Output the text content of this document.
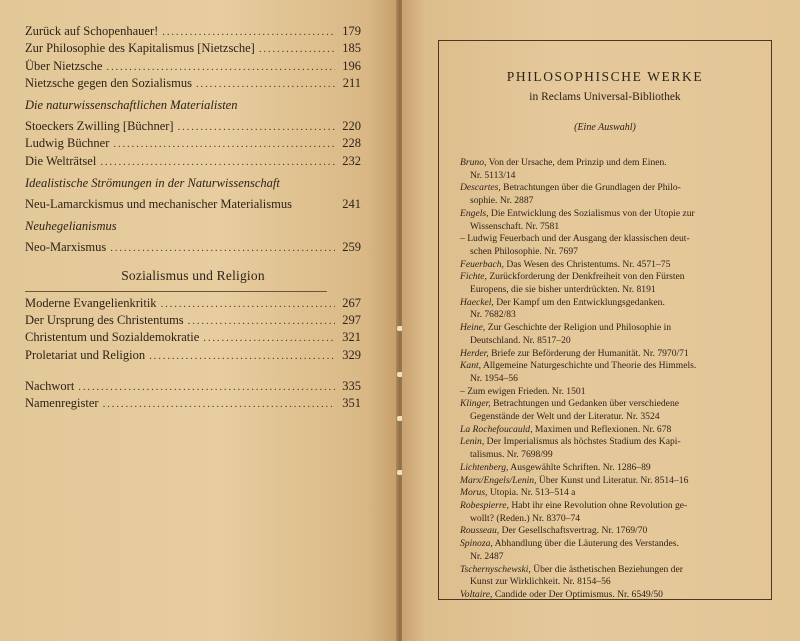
Zurück auf Schopenhauer! .....	179
Zur Philosophie des Kapitalismus [Nietzsche] .....	185
Über Nietzsche .....	196
Nietzsche gegen den Sozialismus .....	211
Die naturwissenschaftlichen Materialisten
Stoeckers Zwilling [Büchner] .....	220
Ludwig Büchner .....	228
Die Welträtsel .....	232
Idealistische Strömungen in der Naturwissenschaft
Neu-Lamarckismus und mechanischer Materialismus	241
Neuhegelianismus
Neo-Marxismus .....	259
Sozialismus und Religion
Moderne Evangelienkritik .....	267
Der Ursprung des Christentums .....	297
Christentum und Sozialdemokratie .....	321
Proletariat und Religion .....	329
Nachwort .....	335
Namenregister .....	351
PHILOSOPHISCHE WERKE
in Reclams Universal-Bibliothek
(Eine Auswahl)
Bruno, Von der Ursache, dem Prinzip und dem Einen.
Nr. 5113/14
Descartes, Betrachtungen über die Grundlagen der Philo-
sophie. Nr. 2887
Engels, Die Entwicklung des Sozialismus von der Utopie zur
Wissenschaft. Nr. 7581
– Ludwig Feuerbach und der Ausgang der klassischen deut-
schen Philosophie. Nr. 7697
Feuerbach, Das Wesen des Christentums. Nr. 4571–75
Fichte, Zurückforderung der Denkfreiheit von den Fürsten
Europens, die sie bisher unterdrückten. Nr. 8191
Haeckel, Der Kampf um den Entwicklungsgedanken.
Nr. 7682/83
Heine, Zur Geschichte der Religion und Philosophie in
Deutschland. Nr. 8517–20
Herder, Briefe zur Beförderung der Humanität. Nr. 7970/71
Kant, Allgemeine Naturgeschichte und Theorie des Himmels.
Nr. 1954–56
– Zum ewigen Frieden. Nr. 1501
Klinger, Betrachtungen und Gedanken über verschiedene
Gegenstände der Welt und der Literatur. Nr. 3524
La Rochefoucauld, Maximen und Reflexionen. Nr. 678
Lenin, Der Imperialismus als höchstes Stadium des Kapi-
talismus. Nr. 7698/99
Lichtenberg, Ausgewählte Schriften. Nr. 1286–89
Marx/Engels/Lenin, Über Kunst und Literatur. Nr. 8514–16
Morus, Utopia. Nr. 513–514 a
Robespierre, Habt ihr eine Revolution ohne Revolution ge-
wollt? (Reden.) Nr. 8370–74
Rousseau, Der Gesellschaftsvertrag. Nr. 1769/70
Spinoza, Abhandlung über die Läuterung des Verstandes.
Nr. 2487
Tschernyschewski, Über die ästhetischen Beziehungen der
Kunst zur Wirklichkeit. Nr. 8154–56
Voltaire, Candide oder Der Optimismus. Nr. 6549/50
